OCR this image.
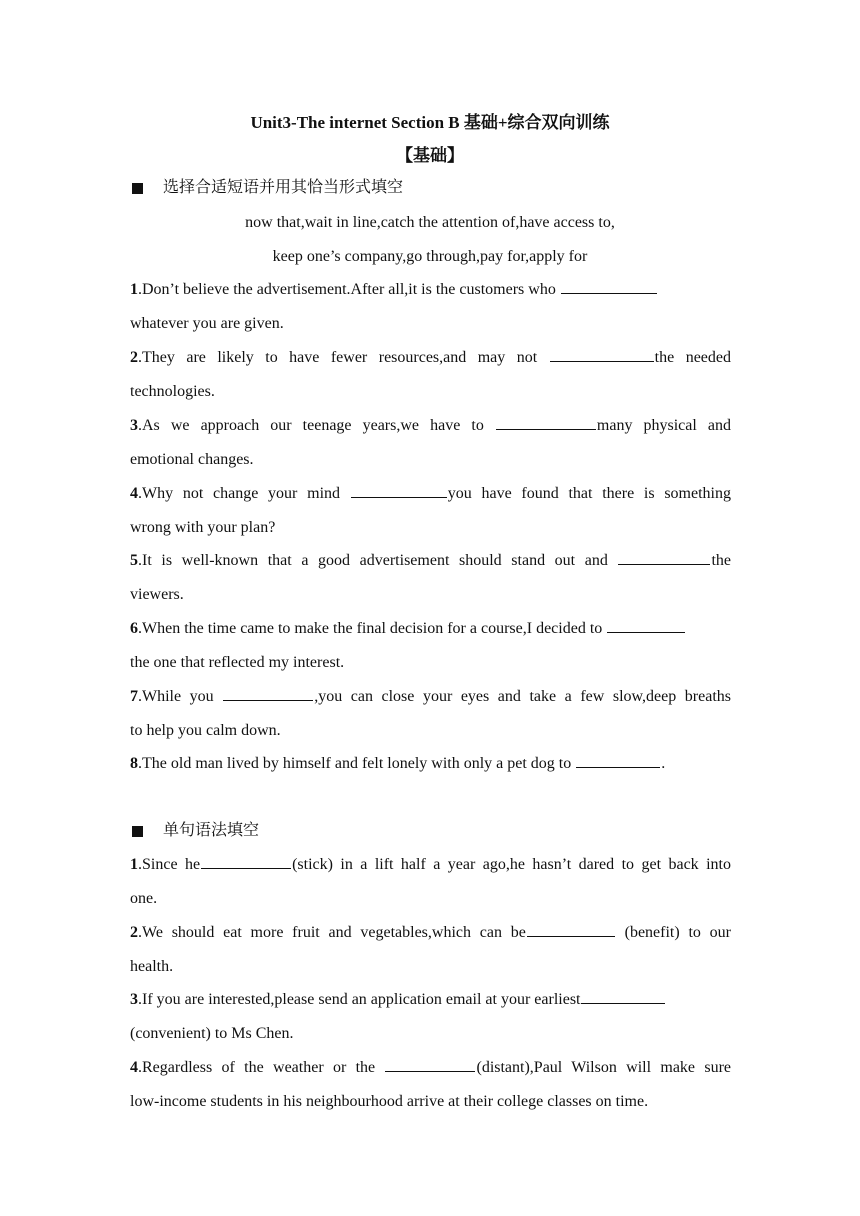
Unit3-The internet Section B 基础+综合双向训练
【基础】
选择合适短语并用其恰当形式填空
now that,wait in line,catch the attention of,have access to,
keep one’s company,go through,pay for,apply for
1.Don’t believe the advertisement.After all,it is the customers who
whatever you are given.
2.They are likely to have fewer resources,and may not	the needed
technologies.
3.As we approach our teenage years,we have to	many physical and
emotional changes.
4.Why not change your mind	you have found that there is something
wrong with your plan?
5.It is well-known that a good advertisement should stand out and	the
viewers.
6.When the time came to make the final decision for a course,I decided to
the one that reflected my interest.
7.While you	,you can close your eyes and take a few slow,deep breaths
to help you calm down.
8.The old man lived by himself and felt lonely with only a pet dog to	.
单句语法填空
1.Since he	(stick) in a lift half a year ago,he hasn’t dared to get back into
one.
2.We should eat more fruit and vegetables,which can be	(benefit) to our
health.
3.If you are interested,please send an application email at your earliest
(convenient) to Ms Chen.
4.Regardless of the weather or the	(distant),Paul Wilson will make sure
low-income students in his neighbourhood arrive at their college classes on time.
